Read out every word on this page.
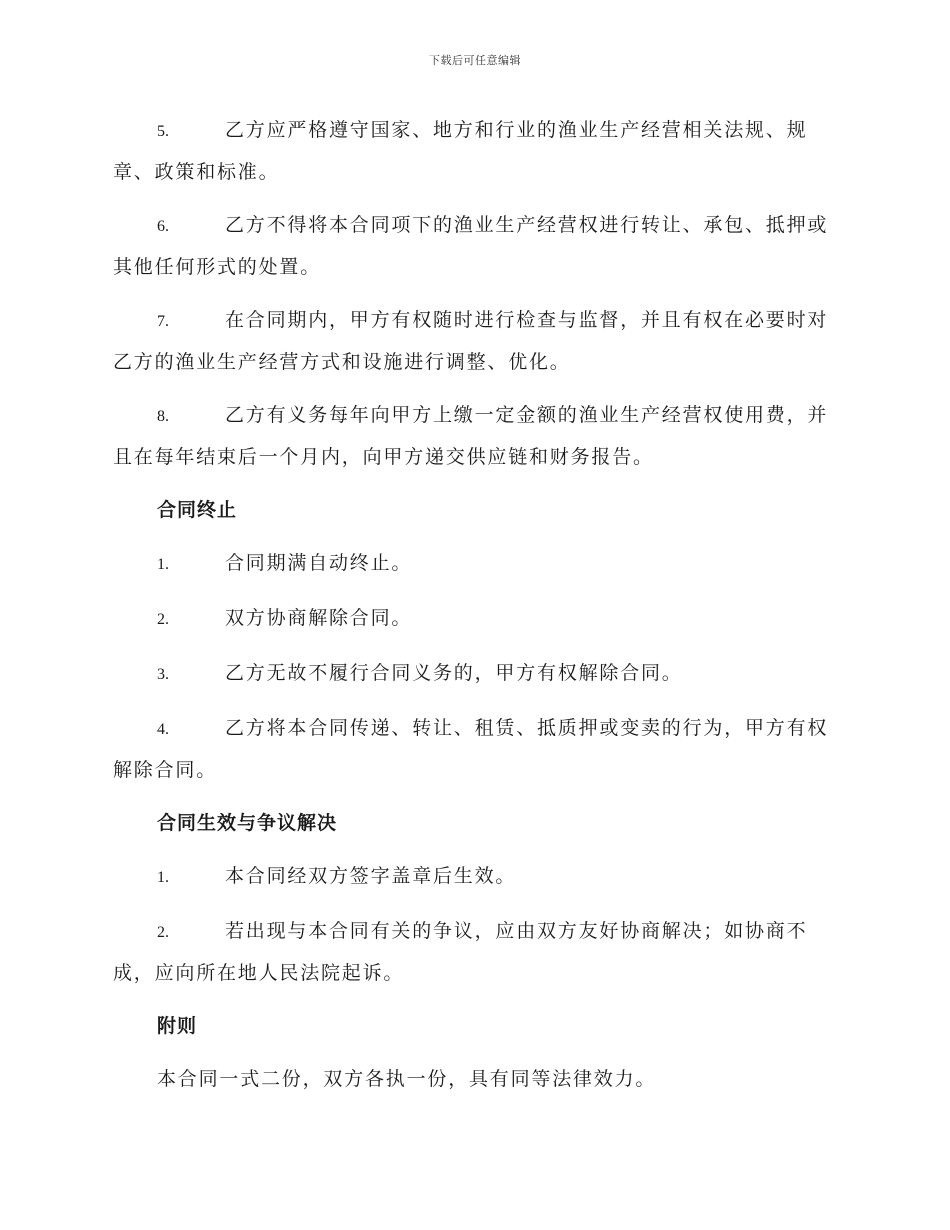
下载后可任意编辑
5.	乙方应严格遵守国家、地方和行业的渔业生产经营相关法规、规章、政策和标准。
6.	乙方不得将本合同项下的渔业生产经营权进行转让、承包、抵押或其他任何形式的处置。
7.	在合同期内，甲方有权随时进行检查与监督，并且有权在必要时对乙方的渔业生产经营方式和设施进行调整、优化。
8.	乙方有义务每年向甲方上缴一定金额的渔业生产经营权使用费，并且在每年结束后一个月内，向甲方递交供应链和财务报告。
合同终止
1.	合同期满自动终止。
2.	双方协商解除合同。
3.	乙方无故不履行合同义务的，甲方有权解除合同。
4.	乙方将本合同传递、转让、租赁、抵质押或变卖的行为，甲方有权解除合同。
合同生效与争议解决
1.	本合同经双方签字盖章后生效。
2.	若出现与本合同有关的争议，应由双方友好协商解决；如协商不成，应向所在地人民法院起诉。
附则
本合同一式二份，双方各执一份，具有同等法律效力。
